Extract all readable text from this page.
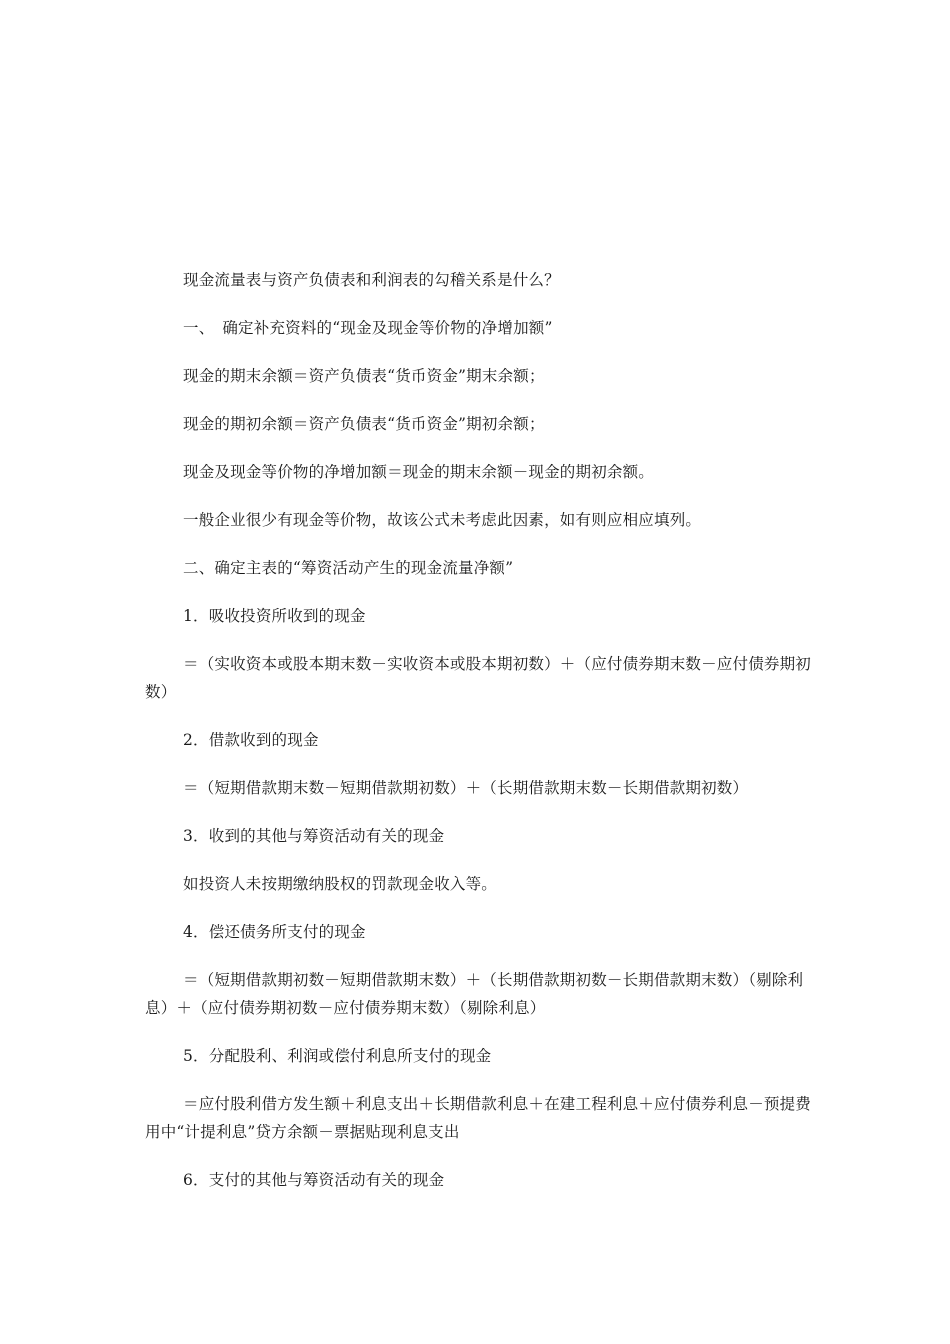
现金流量表与资产负债表和利润表的勾稽关系是什么？

一、　确定补充资料的“现金及现金等价物的净增加额”

现金的期末余额＝资产负债表“货币资金”期末余额；

现金的期初余额＝资产负债表“货币资金”期初余额；

现金及现金等价物的净增加额＝现金的期末余额－现金的期初余额。

一般企业很少有现金等价物，故该公式未考虑此因素，如有则应相应填列。

二、确定主表的“筹资活动产生的现金流量净额”

1．吸收投资所收到的现金

＝（实收资本或股本期末数－实收资本或股本期初数）＋（应付债券期末数－应付债券期初数）

2．借款收到的现金

＝（短期借款期末数－短期借款期初数）＋（长期借款期末数－长期借款期初数）

3．收到的其他与筹资活动有关的现金

如投资人未按期缴纳股权的罚款现金收入等。

4．偿还债务所支付的现金

＝（短期借款期初数－短期借款期末数）＋（长期借款期初数－长期借款期末数）（剔除利息）＋（应付债券期初数－应付债券期末数）（剔除利息）

5．分配股利、利润或偿付利息所支付的现金

＝应付股利借方发生额＋利息支出＋长期借款利息＋在建工程利息＋应付债券利息－预提费用中“计提利息”贷方余额－票据贴现利息支出

6．支付的其他与筹资活动有关的现金
